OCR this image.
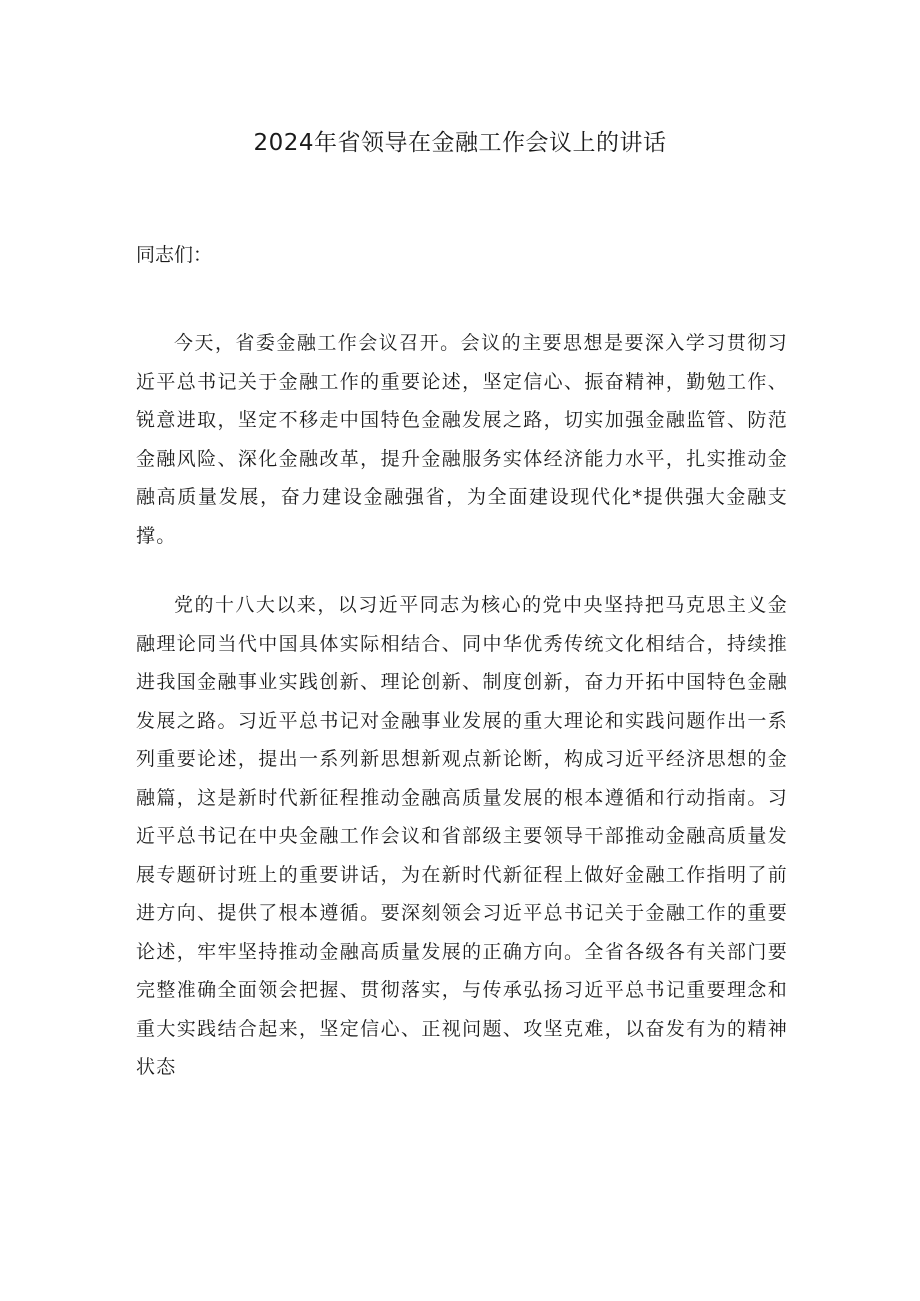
2024年省领导在金融工作会议上的讲话

同志们：

今天，省委金融工作会议召开。会议的主要思想是要深入学习贯彻习近平总书记关于金融工作的重要论述，坚定信心、振奋精神，勤勉工作、锐意进取，坚定不移走中国特色金融发展之路，切实加强金融监管、防范金融风险、深化金融改革，提升金融服务实体经济能力水平，扎实推动金融高质量发展，奋力建设金融强省，为全面建设现代化*提供强大金融支撑。

党的十八大以来，以习近平同志为核心的党中央坚持把马克思主义金融理论同当代中国具体实际相结合、同中华优秀传统文化相结合，持续推进我国金融事业实践创新、理论创新、制度创新，奋力开拓中国特色金融发展之路。习近平总书记对金融事业发展的重大理论和实践问题作出一系列重要论述，提出一系列新思想新观点新论断，构成习近平经济思想的金融篇，这是新时代新征程推动金融高质量发展的根本遵循和行动指南。习近平总书记在中央金融工作会议和省部级主要领导干部推动金融高质量发展专题研讨班上的重要讲话，为在新时代新征程上做好金融工作指明了前进方向、提供了根本遵循。要深刻领会习近平总书记关于金融工作的重要论述，牢牢坚持推动金融高质量发展的正确方向。全省各级各有关部门要完整准确全面领会把握、贯彻落实，与传承弘扬习近平总书记重要理念和重大实践结合起来，坚定信心、正视问题、攻坚克难，以奋发有为的精神状态
